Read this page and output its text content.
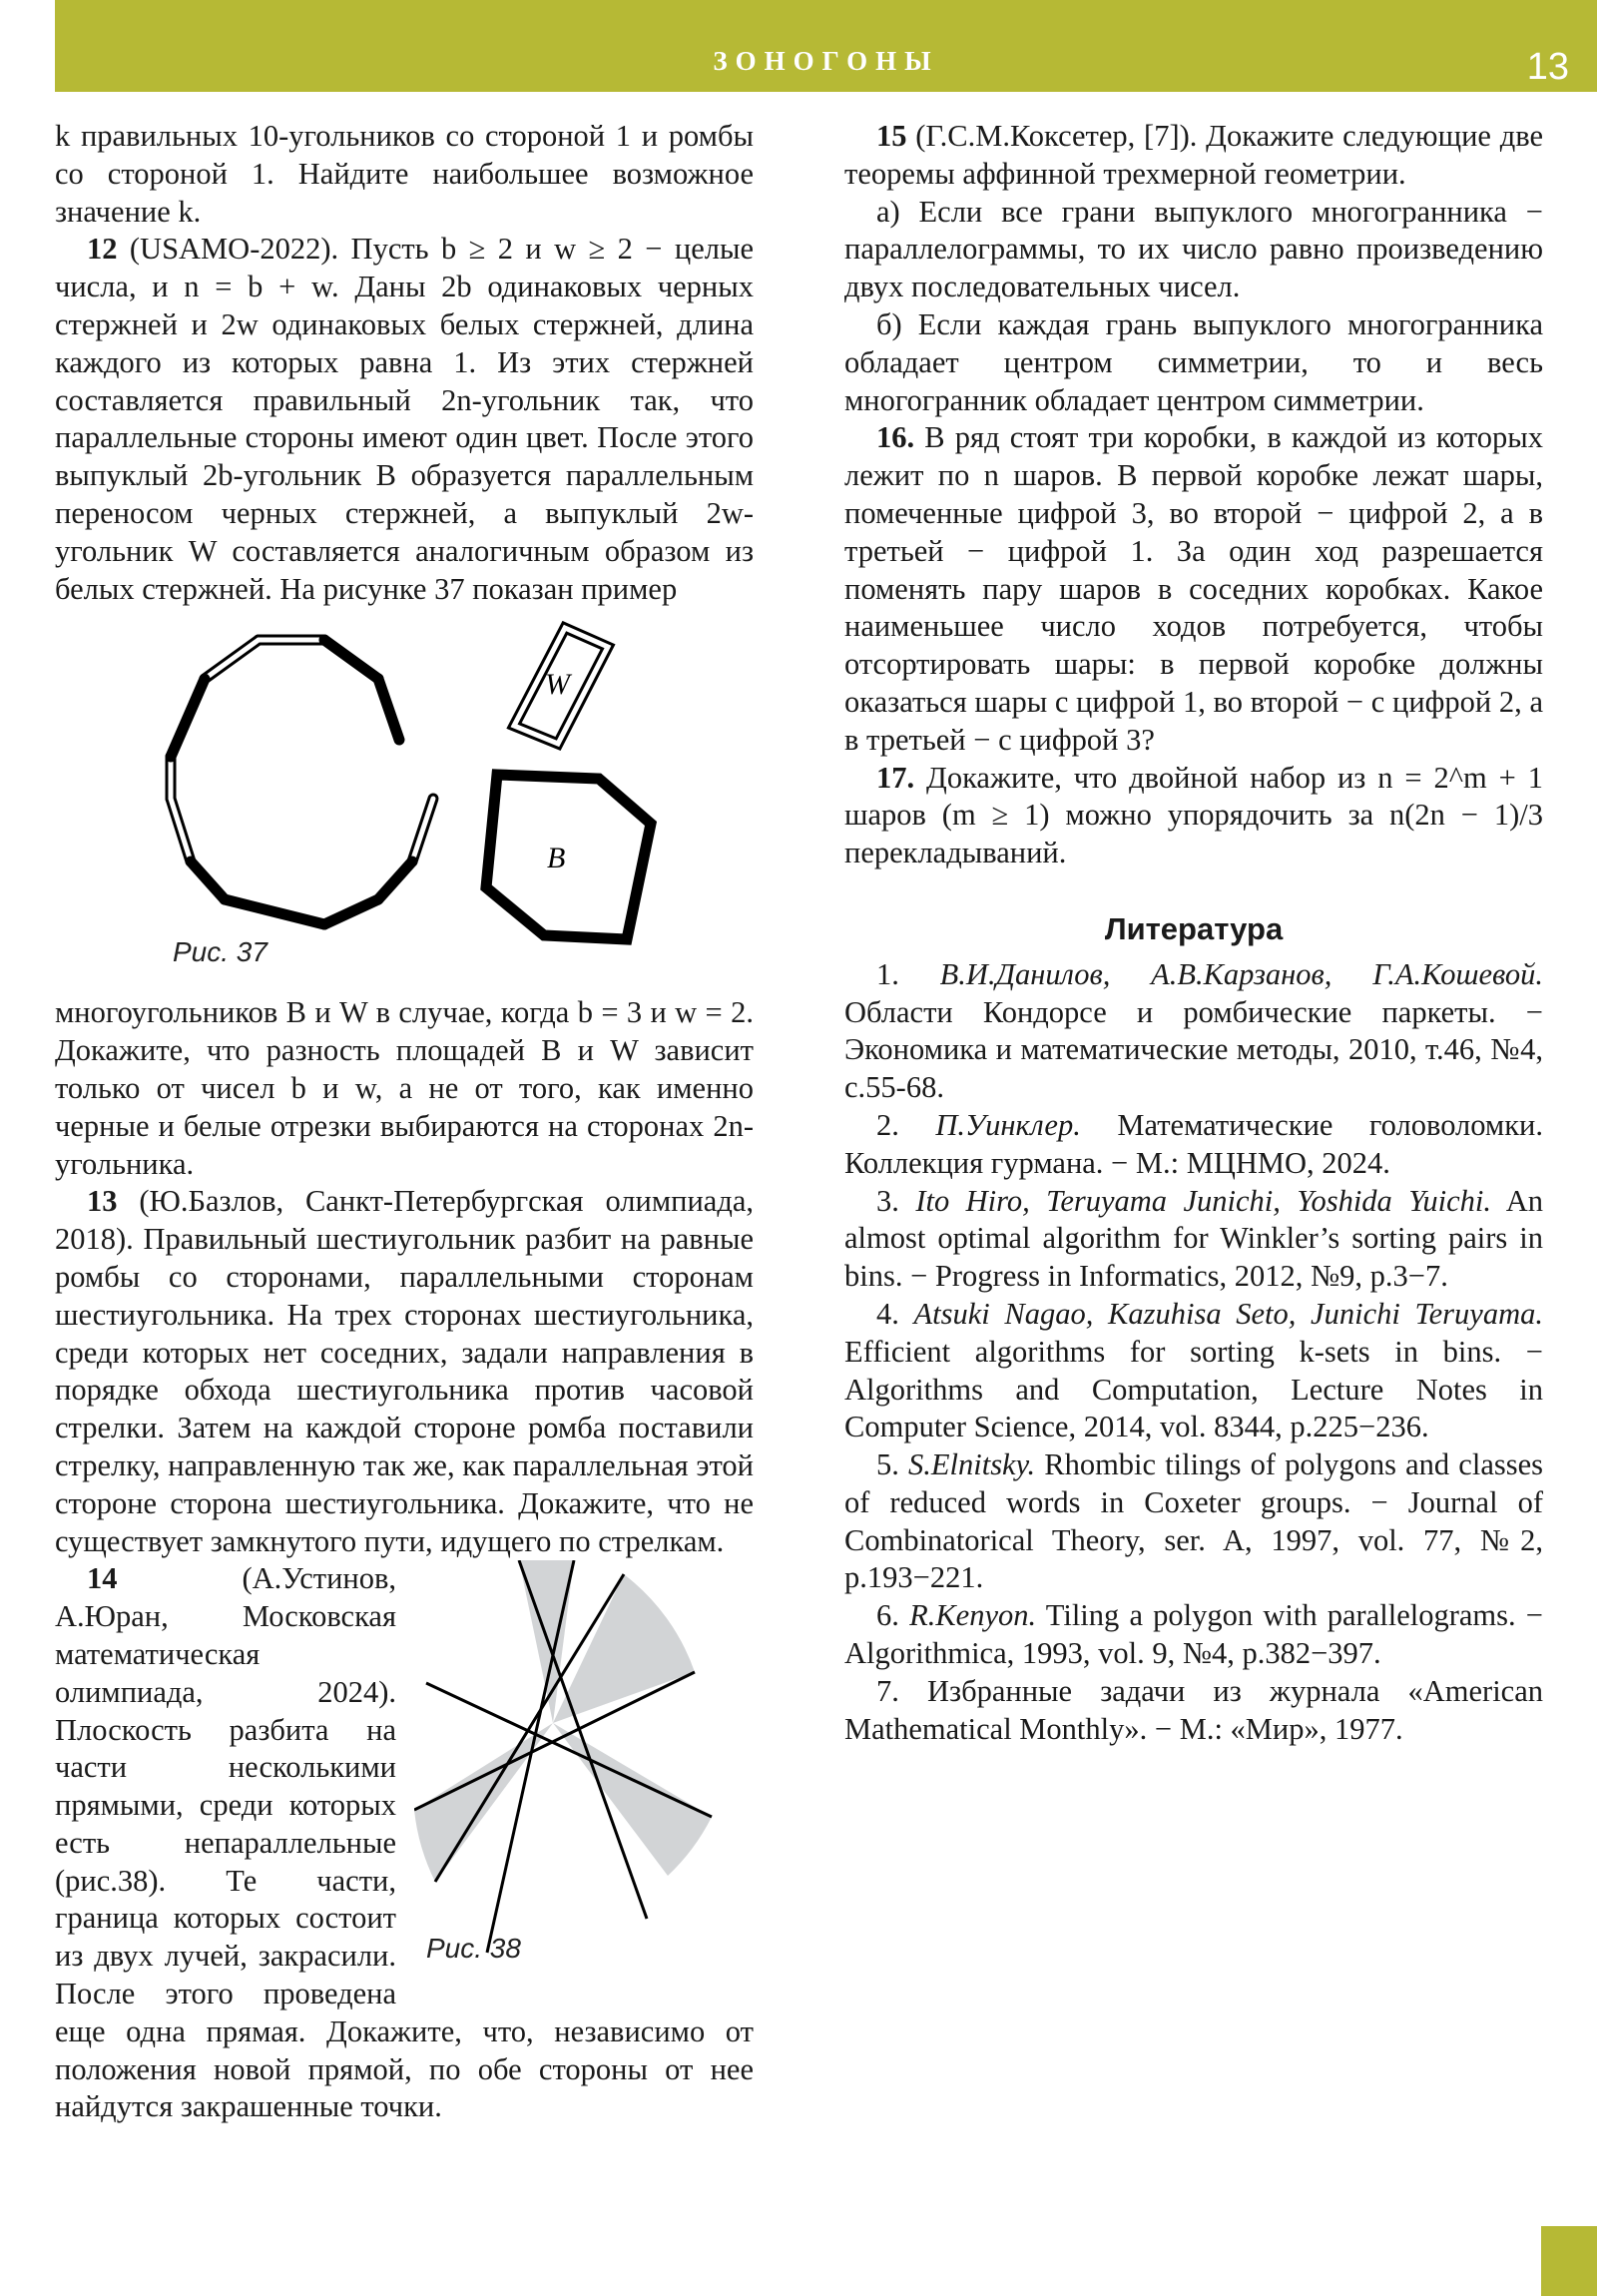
ЗОНОГОНЫ	13

k правильных 10-угольников со стороной 1 и ромбы со стороной 1. Найдите наибольшее возможное значение k.

12 (USAMO-2022). Пусть b ≥ 2 и w ≥ 2 − целые числа, и n = b + w. Даны 2b одинаковых черных стержней и 2w одинаковых белых стержней, длина каждого из которых равна 1. Из этих стержней составляется правильный 2n-угольник так, что параллельные стороны имеют один цвет. После этого выпуклый 2b-угольник B образуется параллельным переносом черных стержней, а выпуклый 2w-угольник W составляется аналогичным образом из белых стержней. На рисунке 37 показан пример

W
B
Рис. 37

многоугольников B и W в случае, когда b = 3 и w = 2. Докажите, что разность площадей B и W зависит только от чисел b и w, а не от того, как именно черные и белые отрезки выбираются на сторонах 2n-угольника.

13 (Ю.Базлов, Санкт-Петербургская олимпиада, 2018). Правильный шестиугольник разбит на равные ромбы со сторонами, параллельными сторонам шестиугольника. На трех сторонах шестиугольника, среди которых нет соседних, задали направления в порядке обхода шестиугольника против часовой стрелки. Затем на каждой стороне ромба поставили стрелку, направленную так же, как параллельная этой стороне сторона шестиугольника. Докажите, что не существует замкнутого пути, идущего по стрелкам.

Рис. 38

14 (А.Устинов, А.Юран, Московская математическая олимпиада, 2024). Плоскость разбита на части несколькими прямыми, среди которых есть непараллельные (рис.38). Те части, граница которых состоит из двух лучей, закрасили. После этого проведена еще одна прямая. Докажите, что, независимо от положения новой прямой, по обе стороны от нее найдутся закрашенные точки.

15 (Г.С.М.Коксетер, [7]). Докажите следующие две теоремы аффинной трехмерной геометрии.

а) Если все грани выпуклого многогранника − параллелограммы, то их число равно произведению двух последовательных чисел.

б) Если каждая грань выпуклого многогранника обладает центром симметрии, то и весь многогранник обладает центром симметрии.

16. В ряд стоят три коробки, в каждой из которых лежит по n шаров. В первой коробке лежат шары, помеченные цифрой 3, во второй − цифрой 2, а в третьей − цифрой 1. За один ход разрешается поменять пару шаров в соседних коробках. Какое наименьшее число ходов потребуется, чтобы отсортировать шары: в первой коробке должны оказаться шары с цифрой 1, во второй − с цифрой 2, а в третьей − с цифрой 3?

17. Докажите, что двойной набор из n = 2^m + 1 шаров (m ≥ 1) можно упорядочить за n(2n − 1)/3 перекладываний.

Литература

1. В.И.Данилов, А.В.Карзанов, Г.А.Кошевой. Области Кондорсе и ромбические паркеты. − Экономика и математические методы, 2010, т.46, №4, с.55-68.

2. П.Уинклер. Математические головоломки. Коллекция гурмана. − М.: МЦНМО, 2024.

3. Ito Hiro, Teruyama Junichi, Yoshida Yuichi. An almost optimal algorithm for Winkler’s sorting pairs in bins. − Progress in Informatics, 2012, №9, p.3−7.

4. Atsuki Nagao, Kazuhisa Seto, Junichi Teruyama. Efficient algorithms for sorting k-sets in bins. − Algorithms and Computation, Lecture Notes in Computer Science, 2014, vol. 8344, p.225−236.

5. S.Elnitsky. Rhombic tilings of polygons and classes of reduced words in Coxeter groups. − Journal of Combinatorical Theory, ser. A, 1997, vol. 77, №2, p.193−221.

6. R.Kenyon. Tiling a polygon with parallelograms. − Algorithmica, 1993, vol. 9, №4, p.382−397.

7. Избранные задачи из журнала «American Mathematical Monthly». − М.: «Мир», 1977.
